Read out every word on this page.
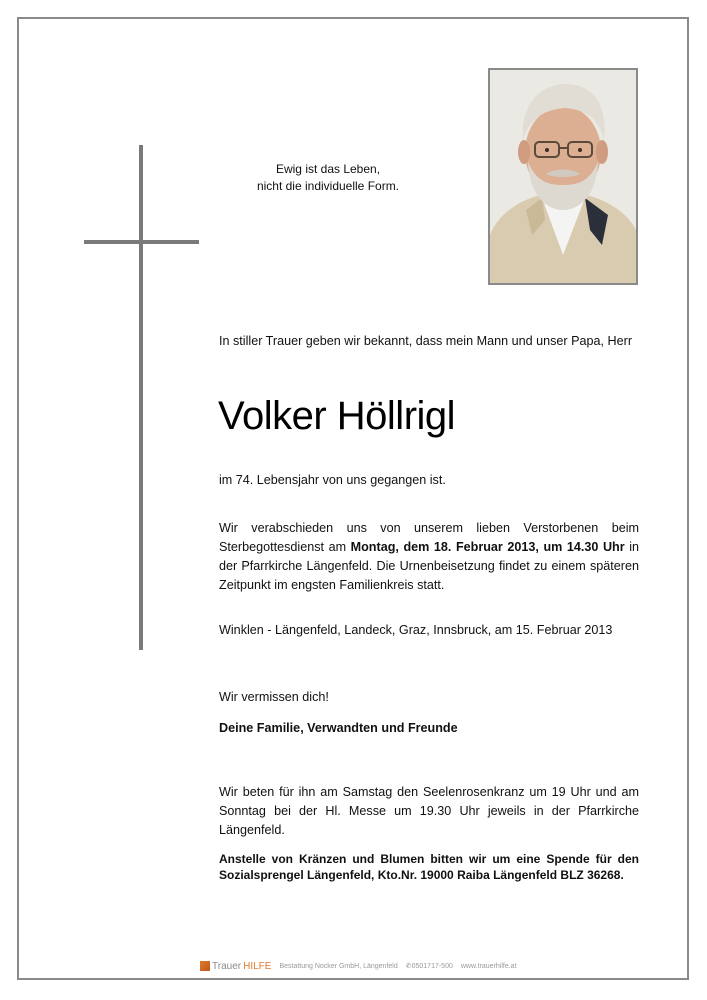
Ewig ist das Leben,
nicht die individuelle Form.
In stiller Trauer geben wir bekannt, dass mein Mann und unser Papa, Herr
Volker Höllrigl
im 74. Lebensjahr von uns gegangen ist.
Wir verabschieden uns von unserem lieben Verstorbenen beim Sterbegottesdienst am Montag, dem 18. Februar 2013, um 14.30 Uhr in der Pfarrkirche Längenfeld. Die Urnenbeisetzung findet zu einem späteren Zeitpunkt im engsten Familienkreis statt.
Winklen - Längenfeld, Landeck, Graz, Innsbruck, am 15. Februar 2013
Wir vermissen dich!
Deine Familie, Verwandten und Freunde
Wir beten für ihn am Samstag den Seelenrosenkranz um 19 Uhr und am Sonntag bei der Hl. Messe um 19.30 Uhr jeweils in der Pfarrkirche Längenfeld.
Anstelle von Kränzen und Blumen bitten wir um eine Spende für den Sozialsprengel Längenfeld, Kto.Nr. 19000 Raiba Längenfeld BLZ 36268.
Trauer HILFE Bestattung Nocker GmbH, Längenfeld ✆0501717-500 www.trauerhilfe.at
